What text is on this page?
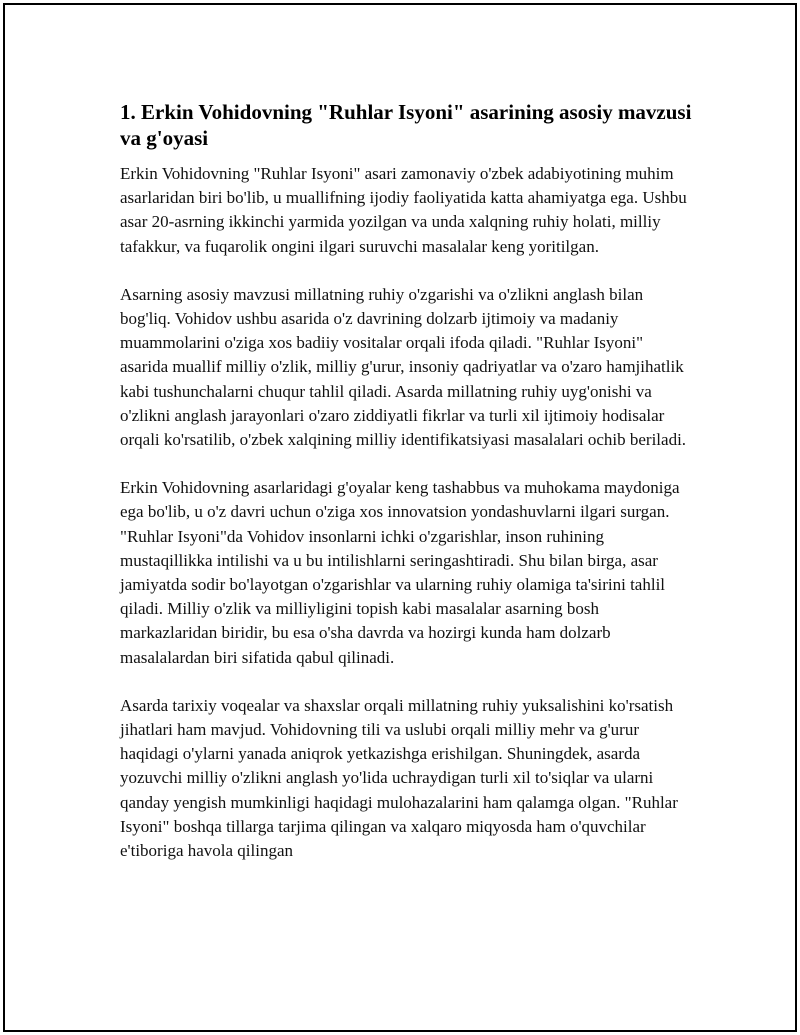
1. Erkin Vohidovning "Ruhlar Isyoni" asarining asosiy mavzusi va g'oyasi

Erkin Vohidovning "Ruhlar Isyoni" asari zamonaviy o'zbek adabiyotining muhim asarlaridan biri bo'lib, u muallifning ijodiy faoliyatida katta ahamiyatga ega. Ushbu asar 20-asrning ikkinchi yarmida yozilgan va unda xalqning ruhiy holati, milliy tafakkur, va fuqarolik ongini ilgari suruvchi masalalar keng yoritilgan.

Asarning asosiy mavzusi millatning ruhiy o'zgarishi va o'zlikni anglash bilan bog'liq. Vohidov ushbu asarida o'z davrining dolzarb ijtimoiy va madaniy muammolarini o'ziga xos badiiy vositalar orqali ifoda qiladi. "Ruhlar Isyoni" asarida muallif milliy o'zlik, milliy g'urur, insoniy qadriyatlar va o'zaro hamjihatlik kabi tushunchalarni chuqur tahlil qiladi. Asarda millatning ruhiy uyg'onishi va o'zlikni anglash jarayonlari o'zaro ziddiyatli fikrlar va turli xil ijtimoiy hodisalar orqali ko'rsatilib, o'zbek xalqining milliy identifikatsiyasi masalalari ochib beriladi.

Erkin Vohidovning asarlaridagi g'oyalar keng tashabbus va muhokama maydoniga ega bo'lib, u o'z davri uchun o'ziga xos innovatsion yondashuvlarni ilgari surgan. "Ruhlar Isyoni"da Vohidov insonlarni ichki o'zgarishlar, inson ruhining mustaqillikka intilishi va u bu intilishlarni seringashtiradi. Shu bilan birga, asar jamiyatda sodir bo'layotgan o'zgarishlar va ularning ruhiy olamiga ta'sirini tahlil qiladi. Milliy o'zlik va milliyligini topish kabi masalalar asarning bosh markazlaridan biridir, bu esa o'sha davrda va hozirgi kunda ham dolzarb masalalardan biri sifatida qabul qilinadi.

Asarda tarixiy voqealar va shaxslar orqali millatning ruhiy yuksalishini ko'rsatish jihatlari ham mavjud. Vohidovning tili va uslubi orqali milliy mehr va g'urur haqidagi o'ylarni yanada aniqrok yetkazishga erishilgan. Shuningdek, asarda yozuvchi milliy o'zlikni anglash yo'lida uchraydigan turli xil to'siqlar va ularni qanday yengish mumkinligi haqidagi mulohazalarini ham qalamga olgan. "Ruhlar Isyoni" boshqa tillarga tarjima qilingan va xalqaro miqyosda ham o'quvchilar e'tiboriga havola qilingan
